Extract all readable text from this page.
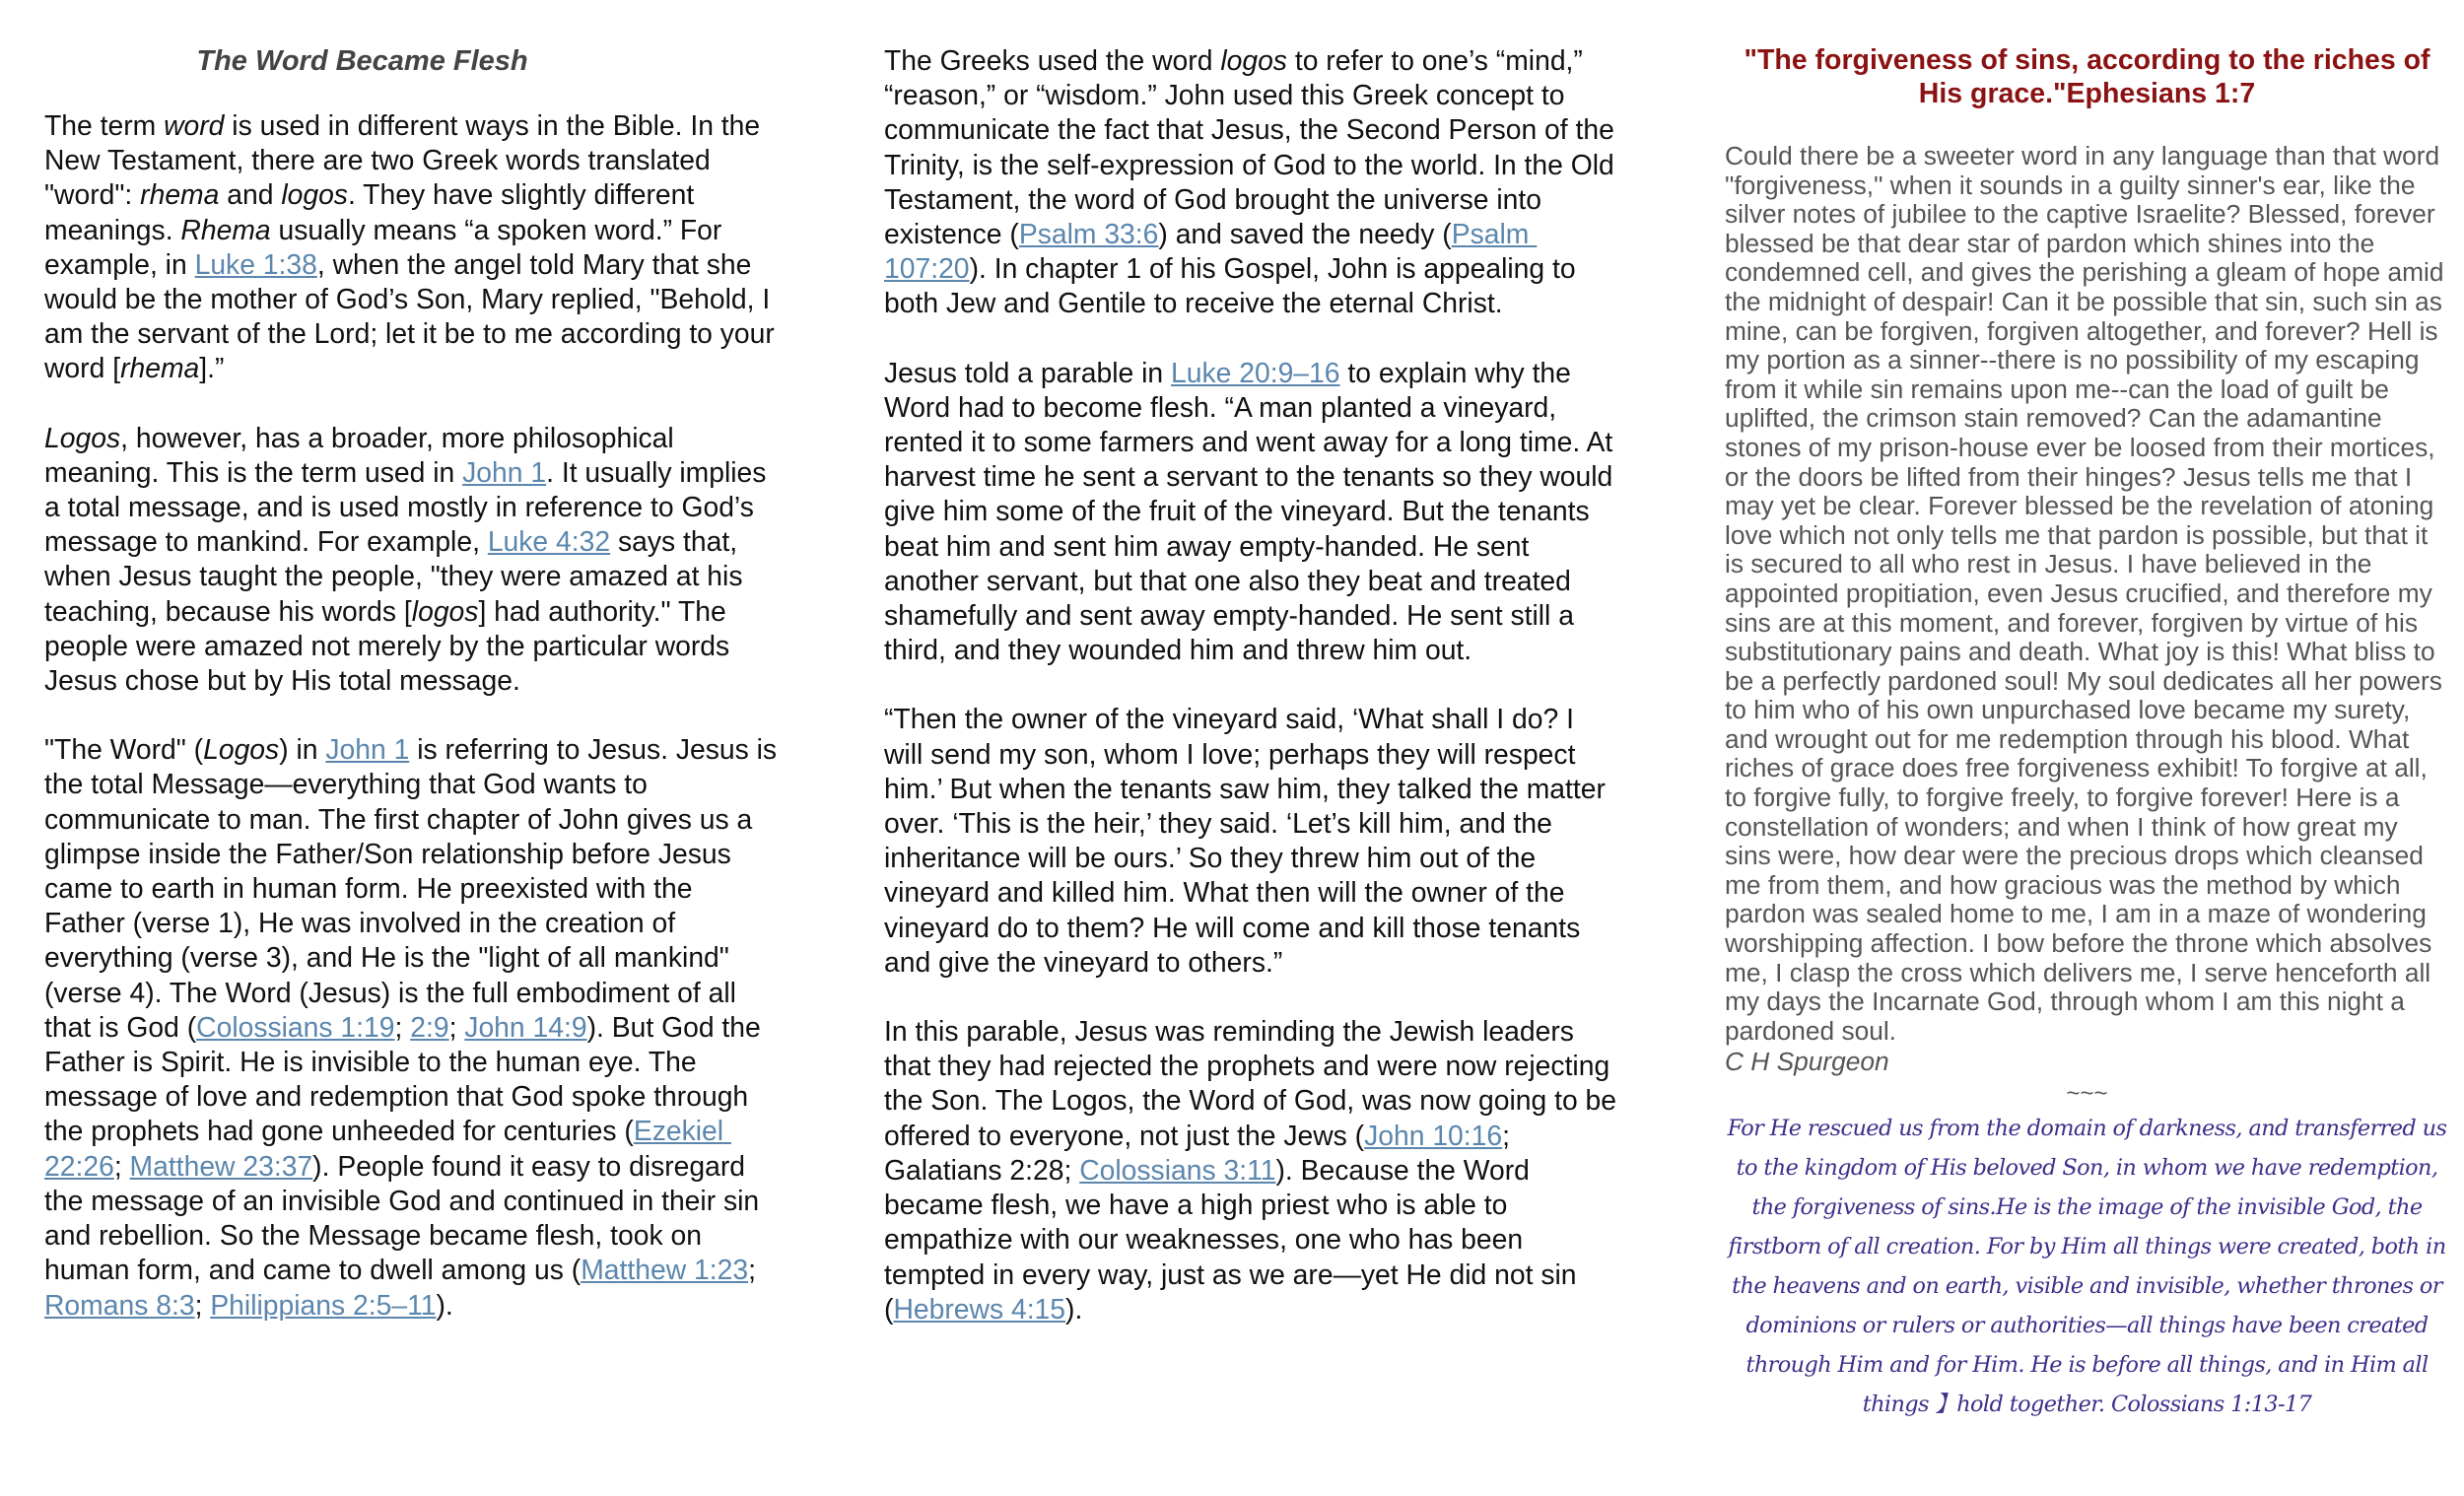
The Word Became Flesh

The term word is used in different ways in the Bible. In the New Testament, there are two Greek words translated "word": rhema and logos. They have slightly different meanings. Rhema usually means “a spoken word.” For example, in Luke 1:38, when the angel told Mary that she would be the mother of God’s Son, Mary replied, "Behold, I am the servant of the Lord; let it be to me according to your word [rhema].”

Logos, however, has a broader, more philosophical meaning. This is the term used in John 1. It usually implies a total message, and is used mostly in reference to God’s message to mankind. For example, Luke 4:32 says that, when Jesus taught the people, "they were amazed at his teaching, because his words [logos] had authority." The people were amazed not merely by the particular words Jesus chose but by His total message.

"The Word" (Logos) in John 1 is referring to Jesus. Jesus is the total Message—everything that God wants to communicate to man. The first chapter of John gives us a glimpse inside the Father/Son relationship before Jesus came to earth in human form. He preexisted with the Father (verse 1), He was involved in the creation of everything (verse 3), and He is the "light of all mankind" (verse 4). The Word (Jesus) is the full embodiment of all that is God (Colossians 1:19; 2:9; John 14:9). But God the Father is Spirit. He is invisible to the human eye. The message of love and redemption that God spoke through the prophets had gone unheeded for centuries (Ezekiel 22:26; Matthew 23:37). People found it easy to disregard the message of an invisible God and continued in their sin and rebellion. So the Message became flesh, took on human form, and came to dwell among us (Matthew 1:23; Romans 8:3; Philippians 2:5–11).

The Greeks used the word logos to refer to one’s “mind,” “reason,” or “wisdom.” John used this Greek concept to communicate the fact that Jesus, the Second Person of the Trinity, is the self-expression of God to the world. In the Old Testament, the word of God brought the universe into existence (Psalm 33:6) and saved the needy (Psalm 107:20). In chapter 1 of his Gospel, John is appealing to both Jew and Gentile to receive the eternal Christ.

Jesus told a parable in Luke 20:9–16 to explain why the Word had to become flesh. “A man planted a vineyard, rented it to some farmers and went away for a long time. At harvest time he sent a servant to the tenants so they would give him some of the fruit of the vineyard. But the tenants beat him and sent him away empty-handed. He sent another servant, but that one also they beat and treated shamefully and sent away empty-handed. He sent still a third, and they wounded him and threw him out.

“Then the owner of the vineyard said, ‘What shall I do? I will send my son, whom I love; perhaps they will respect him.’ But when the tenants saw him, they talked the matter over. ‘This is the heir,’ they said. ‘Let’s kill him, and the inheritance will be ours.’ So they threw him out of the vineyard and killed him. What then will the owner of the vineyard do to them? He will come and kill those tenants and give the vineyard to others.”

In this parable, Jesus was reminding the Jewish leaders that they had rejected the prophets and were now rejecting the Son. The Logos, the Word of God, was now going to be offered to everyone, not just the Jews (John 10:16; Galatians 2:28; Colossians 3:11). Because the Word became flesh, we have a high priest who is able to empathize with our weaknesses, one who has been tempted in every way, just as we are—yet He did not sin (Hebrews 4:15).

"The forgiveness of sins, according to the riches of His grace."Ephesians 1:7

Could there be a sweeter word in any language than that word "forgiveness," when it sounds in a guilty sinner's ear, like the silver notes of jubilee to the captive Israelite? Blessed, forever blessed be that dear star of pardon which shines into the condemned cell, and gives the perishing a gleam of hope amid the midnight of despair! Can it be possible that sin, such sin as mine, can be forgiven, forgiven altogether, and forever? Hell is my portion as a sinner--there is no possibility of my escaping from it while sin remains upon me--can the load of guilt be uplifted, the crimson stain removed? Can the adamantine stones of my prison-house ever be loosed from their mortices, or the doors be lifted from their hinges? Jesus tells me that I may yet be clear. Forever blessed be the revelation of atoning love which not only tells me that pardon is possible, but that it is secured to all who rest in Jesus. I have believed in the appointed propitiation, even Jesus crucified, and therefore my sins are at this moment, and forever, forgiven by virtue of his substitutionary pains and death. What joy is this! What bliss to be a perfectly pardoned soul! My soul dedicates all her powers to him who of his own unpurchased love became my surety, and wrought out for me redemption through his blood. What riches of grace does free forgiveness exhibit! To forgive at all, to forgive fully, to forgive freely, to forgive forever! Here is a constellation of wonders; and when I think of how great my sins were, how dear were the precious drops which cleansed me from them, and how gracious was the method by which pardon was sealed home to me, I am in a maze of wondering worshipping affection. I bow before the throne which absolves me, I clasp the cross which delivers me, I serve henceforth all my days the Incarnate God, through whom I am this night a pardoned soul.

C H Spurgeon

~~~

For He rescued us from the domain of darkness, and transferred us to the kingdom of His beloved Son, in whom we have redemption, the forgiveness of sins.He is the image of the invisible God, the firstborn of all creation. For by Him all things were created, both in the heavens and on earth, visible and invisible, whether thrones or dominions or rulers or authorities—all things have been created through Him and for Him. He is before all things, and in Him all things 】hold together. Colossians 1:13-17
